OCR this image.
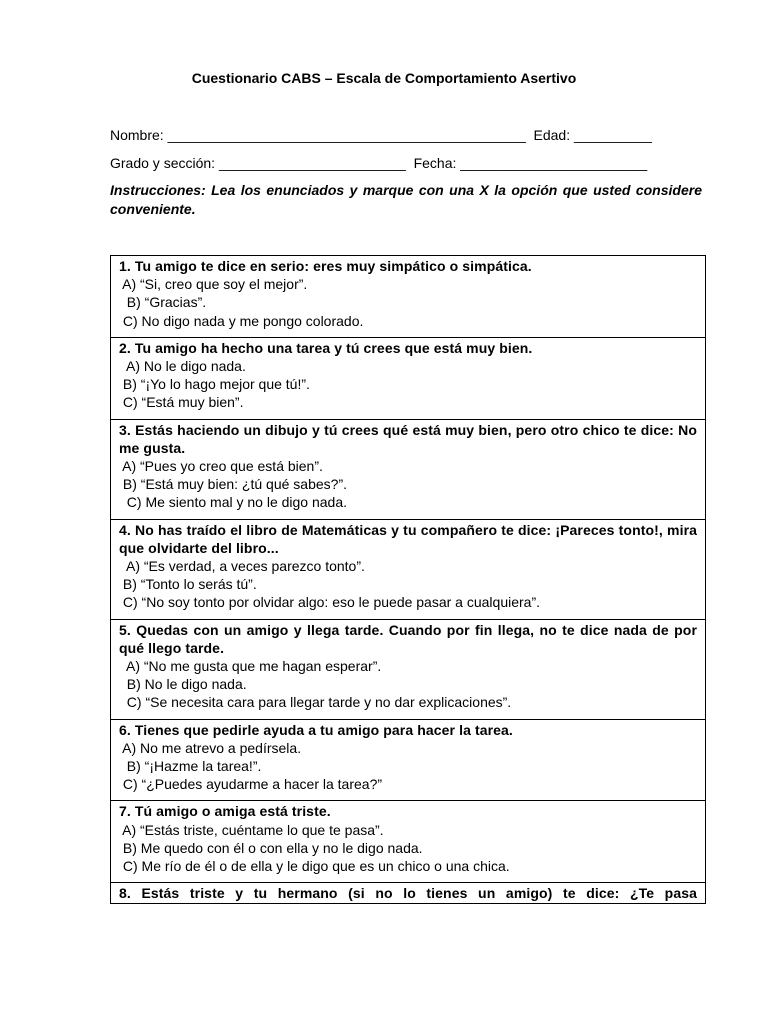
Cuestionario CABS – Escala de Comportamiento Asertivo
Nombre: ______________________________________________  Edad: __________
Grado y sección: ________________________  Fecha: ________________________
Instrucciones: Lea los enunciados y marque con una X la opción que usted considere conveniente.
1. Tu amigo te dice en serio: eres muy simpático o simpática.
A) “Si, creo que soy el mejor”.
B) “Gracias”.
C) No digo nada y me pongo colorado.

2. Tu amigo ha hecho una tarea y tú crees que está muy bien.
A) No le digo nada.
B) “¡Yo lo hago mejor que tú!”.
C) “Está muy bien”.

3. Estás haciendo un dibujo y tú crees qué está muy bien, pero otro chico te dice: No me gusta.
A) “Pues yo creo que está bien”.
B) “Está muy bien: ¿tú qué sabes?”.
C) Me siento mal y no le digo nada.

4. No has traído el libro de Matemáticas y tu compañero te dice: ¡Pareces tonto!, mira que olvidarte del libro...
A) “Es verdad, a veces parezco tonto”.
B) “Tonto lo serás tú”.
C) “No soy tonto por olvidar algo: eso le puede pasar a cualquiera”.

5. Quedas con un amigo y llega tarde. Cuando por fin llega, no te dice nada de por qué llego tarde.
A) “No me gusta que me hagan esperar”.
B) No le digo nada.
C) “Se necesita cara para llegar tarde y no dar explicaciones”.

6. Tienes que pedirle ayuda a tu amigo para hacer la tarea.
A) No me atrevo a pedírsela.
B) “¡Hazme la tarea!”.
C) “¿Puedes ayudarme a hacer la tarea?”

7. Tú amigo o amiga está triste.
A) “Estás triste, cuéntame lo que te pasa”.
B) Me quedo con él o con ella y no le digo nada.
C) Me río de él o de ella y le digo que es un chico o una chica.

8. Estás triste y tu hermano (si no lo tienes un amigo) te dice: ¿Te pasa
